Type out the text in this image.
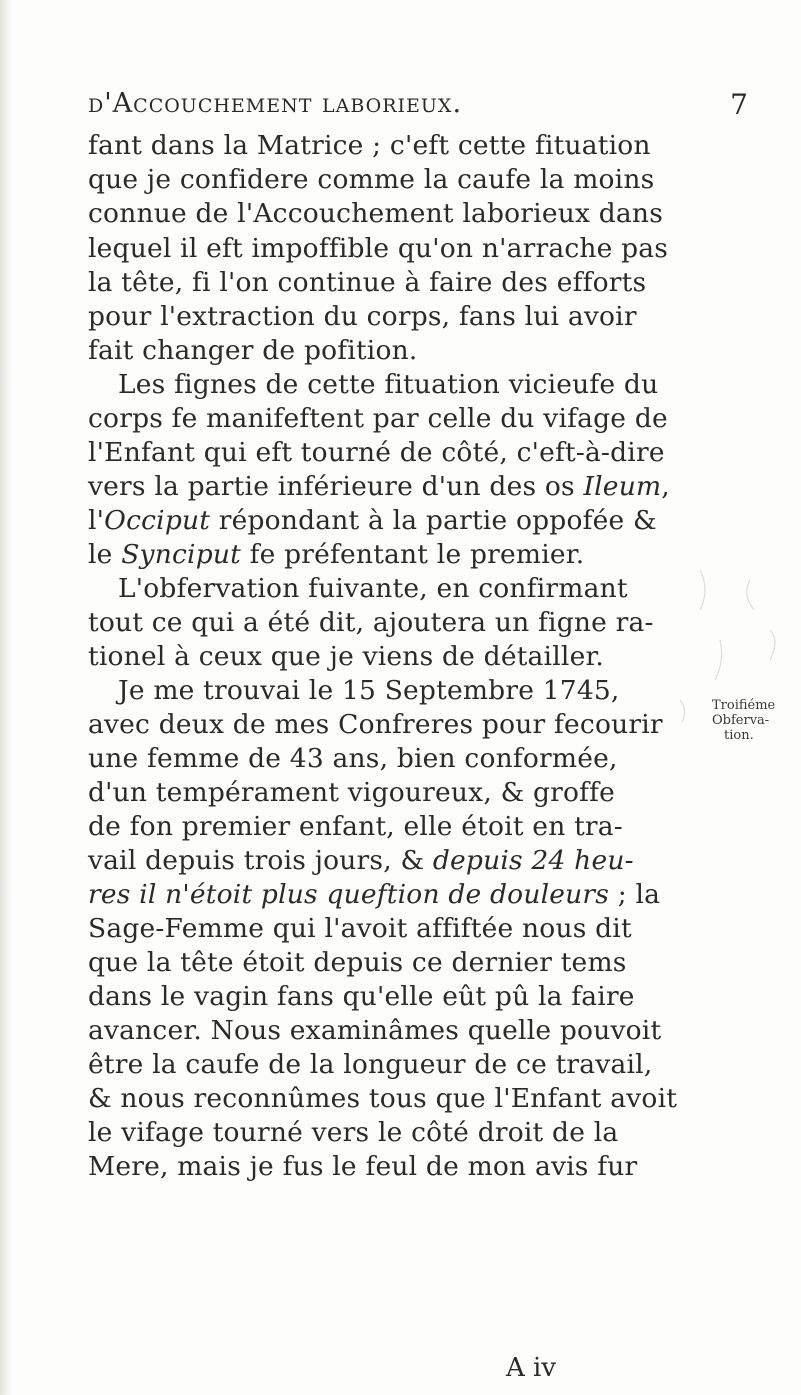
d'Accouchement laborieux.	7
fant dans la Matrice ; c'eft cette fituation
que je confidere comme la caufe la moins
connue de l'Accouchement laborieux dans
lequel il eft impoffible qu'on n'arrache pas
la tête, fi l'on continue à faire des efforts
pour l'extraction du corps, fans lui avoir
fait changer de pofition.
Les fignes de cette fituation vicieufe du
corps fe manifeftent par celle du vifage de
l'Enfant qui eft tourné de côté, c'eft-à-dire
vers la partie inférieure d'un des os Ileum,
l'Occiput répondant à la partie oppofée &
le Synciput fe préfentant le premier.
L'obfervation fuivante, en confirmant
tout ce qui a été dit, ajoutera un figne ra-
tionel à ceux que je viens de détailler.
Je me trouvai le 15 Septembre 1745,
avec deux de mes Confreres pour fecourir
une femme de 43 ans, bien conformée,
d'un tempérament vigoureux, & groffe
de fon premier enfant, elle étoit en tra-
vail depuis trois jours, & depuis 24 heu-
res il n'étoit plus queftion de douleurs ; la
Sage-Femme qui l'avoit affiftée nous dit
que la tête étoit depuis ce dernier tems
dans le vagin fans qu'elle eût pû la faire
avancer. Nous examinâmes quelle pouvoit
être la caufe de la longueur de ce travail,
& nous reconnûmes tous que l'Enfant avoit
le vifage tourné vers le côté droit de la
Mere, mais je fus le feul de mon avis fur
Troifiéme
Obferva-
tion.
A iv
